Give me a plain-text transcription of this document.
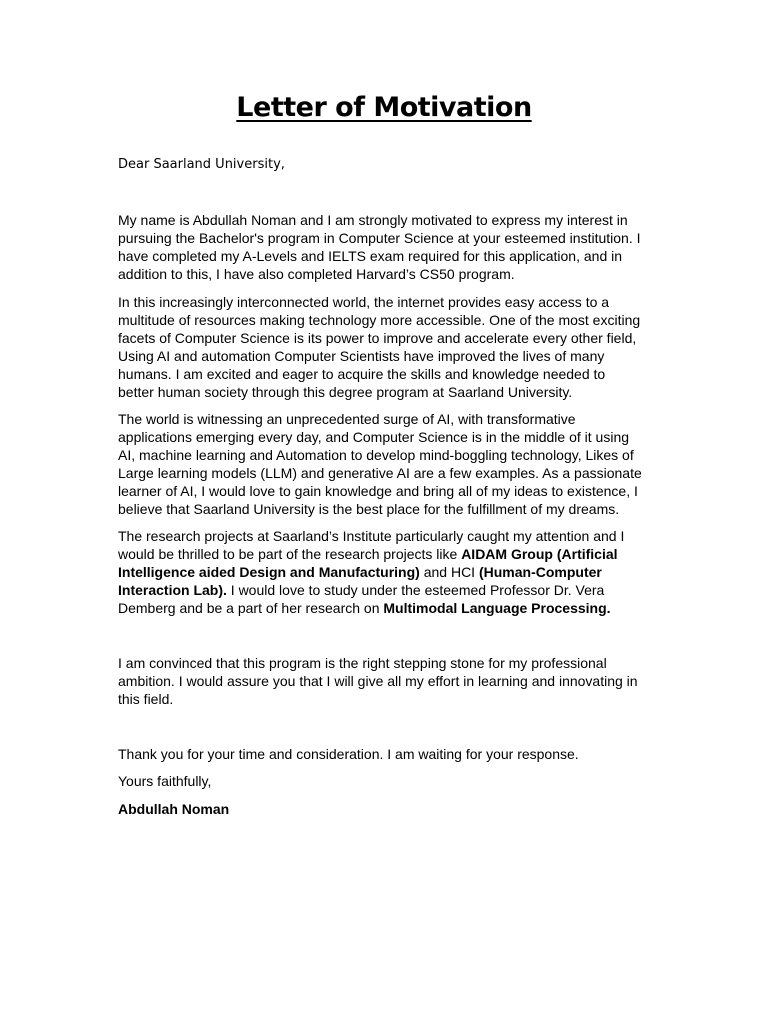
Letter of Motivation
Dear Saarland University,

My name is Abdullah Noman and I am strongly motivated to express my interest in
pursuing the Bachelor's program in Computer Science at your esteemed institution. I
have completed my A-Levels and IELTS exam required for this application, and in
addition to this, I have also completed Harvard’s CS50 program.

In this increasingly interconnected world, the internet provides easy access to a
multitude of resources making technology more accessible. One of the most exciting
facets of Computer Science is its power to improve and accelerate every other field,
Using AI and automation Computer Scientists have improved the lives of many
humans. I am excited and eager to acquire the skills and knowledge needed to
better human society through this degree program at Saarland University.

The world is witnessing an unprecedented surge of AI, with transformative
applications emerging every day, and Computer Science is in the middle of it using
AI, machine learning and Automation to develop mind-boggling technology, Likes of
Large learning models (LLM) and generative AI are a few examples. As a passionate
learner of AI, I would love to gain knowledge and bring all of my ideas to existence, I
believe that Saarland University is the best place for the fulfillment of my dreams.

The research projects at Saarland’s Institute particularly caught my attention and I
would be thrilled to be part of the research projects like AIDAM Group (Artificial
Intelligence aided Design and Manufacturing) and HCI (Human-Computer
Interaction Lab). I would love to study under the esteemed Professor Dr. Vera
Demberg and be a part of her research on Multimodal Language Processing.

I am convinced that this program is the right stepping stone for my professional
ambition. I would assure you that I will give all my effort in learning and innovating in
this field.

Thank you for your time and consideration. I am waiting for your response.

Yours faithfully,

Abdullah Noman
